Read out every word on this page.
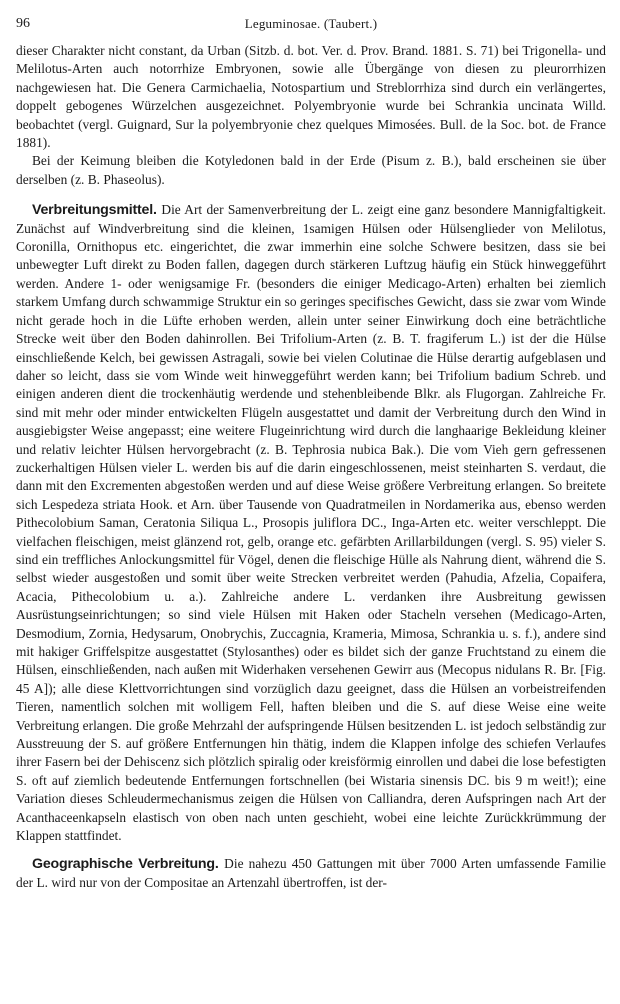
96	Leguminosae. (Taubert.)

dieser Charakter nicht constant, da Urban (Sitzb. d. bot. Ver. d. Prov. Brand. 1881. S. 71) bei Trigonella- und Melilotus-Arten auch notorrhize Embryonen, sowie alle Übergänge von diesen zu pleurorrhizen nachgewiesen hat. Die Genera Carmichaelia, Notospartium und Streblorrhiza sind durch ein verlängertes, doppelt gebogenes Würzelchen ausgezeichnet. Polyembryonie wurde bei Schrankia uncinata Willd. beobachtet (vergl. Guignard, Sur la polyembryonie chez quelques Mimosées. Bull. de la Soc. bot. de France 1881).

Bei der Keimung bleiben die Kotyledonen bald in der Erde (Pisum z. B.), bald erscheinen sie über derselben (z. B. Phaseolus).

Verbreitungsmittel. Die Art der Samenverbreitung der L. zeigt eine ganz besondere Mannigfaltigkeit. Zunächst auf Windverbreitung sind die kleinen, 1samigen Hülsen oder Hülsenglieder von Melilotus, Coronilla, Ornithopus etc. eingerichtet, die zwar immerhin eine solche Schwere besitzen, dass sie bei unbewegter Luft direkt zu Boden fallen, dagegen durch stärkeren Luftzug häufig ein Stück hinweggeführt werden. Andere 1- oder wenigsamige Fr. (besonders die einiger Medicago-Arten) erhalten bei ziemlich starkem Umfang durch schwammige Struktur ein so geringes specifisches Gewicht, dass sie zwar vom Winde nicht gerade hoch in die Lüfte erhoben werden, allein unter seiner Einwirkung doch eine beträchtliche Strecke weit über den Boden dahinrollen. Bei Trifolium-Arten (z. B. T. fragiferum L.) ist der die Hülse einschließende Kelch, bei gewissen Astragali, sowie bei vielen Colutinae die Hülse derartig aufgeblasen und daher so leicht, dass sie vom Winde weit hinweggeführt werden kann; bei Trifolium badium Schreb. und einigen anderen dient die trockenhäutig werdende und stehenbleibende Blkr. als Flugorgan. Zahlreiche Fr. sind mit mehr oder minder entwickelten Flügeln ausgestattet und damit der Verbreitung durch den Wind in ausgiebigster Weise angepasst; eine weitere Flugeinrichtung wird durch die langhaarige Bekleidung kleiner und relativ leichter Hülsen hervorgebracht (z. B. Tephrosia nubica Bak.). Die vom Vieh gern gefressenen zuckerhaltigen Hülsen vieler L. werden bis auf die darin eingeschlossenen, meist steinharten S. verdaut, die dann mit den Excrementen abgestoßen werden und auf diese Weise größere Verbreitung erlangen. So breitete sich Lespedeza striata Hook. et Arn. über Tausende von Quadratmeilen in Nordamerika aus, ebenso werden Pithecolobium Saman, Ceratonia Siliqua L., Prosopis juliflora DC., Inga-Arten etc. weiter verschleppt. Die vielfachen fleischigen, meist glänzend rot, gelb, orange etc. gefärbten Arillarbildungen (vergl. S. 95) vieler S. sind ein treffliches Anlockungsmittel für Vögel, denen die fleischige Hülle als Nahrung dient, während die S. selbst wieder ausgestoßen und somit über weite Strecken verbreitet werden (Pahudia, Afzelia, Copaifera, Acacia, Pithecolobium u. a.). Zahlreiche andere L. verdanken ihre Ausbreitung gewissen Ausrüstungseinrichtungen; so sind viele Hülsen mit Haken oder Stacheln versehen (Medicago-Arten, Desmodium, Zornia, Hedysarum, Onobrychis, Zuccagnia, Krameria, Mimosa, Schrankia u. s. f.), andere sind mit hakiger Griffelspitze ausgestattet (Stylosanthes) oder es bildet sich der ganze Fruchtstand zu einem die Hülsen, einschließenden, nach außen mit Widerhaken versehenen Gewirr aus (Mecopus nidulans R. Br. [Fig. 45 A]); alle diese Klettvorrichtungen sind vorzüglich dazu geeignet, dass die Hülsen an vorbeistreifenden Tieren, namentlich solchen mit wolligem Fell, haften bleiben und die S. auf diese Weise eine weite Verbreitung erlangen. Die große Mehrzahl der aufspringende Hülsen besitzenden L. ist jedoch selbständig zur Ausstreuung der S. auf größere Entfernungen hin thätig, indem die Klappen infolge des schiefen Verlaufes ihrer Fasern bei der Dehiscenz sich plötzlich spiralig oder kreisförmig einrollen und dabei die lose befestigten S. oft auf ziemlich bedeutende Entfernungen fortschnellen (bei Wistaria sinensis DC. bis 9 m weit!); eine Variation dieses Schleudermechanismus zeigen die Hülsen von Calliandra, deren Aufspringen nach Art der Acanthaceenkapseln elastisch von oben nach unten geschieht, wobei eine leichte Zurückkrümmung der Klappen stattfindet.

Geographische Verbreitung. Die nahezu 450 Gattungen mit über 7000 Arten umfassende Familie der L. wird nur von der Compositae an Artenzahl übertroffen, ist der-
